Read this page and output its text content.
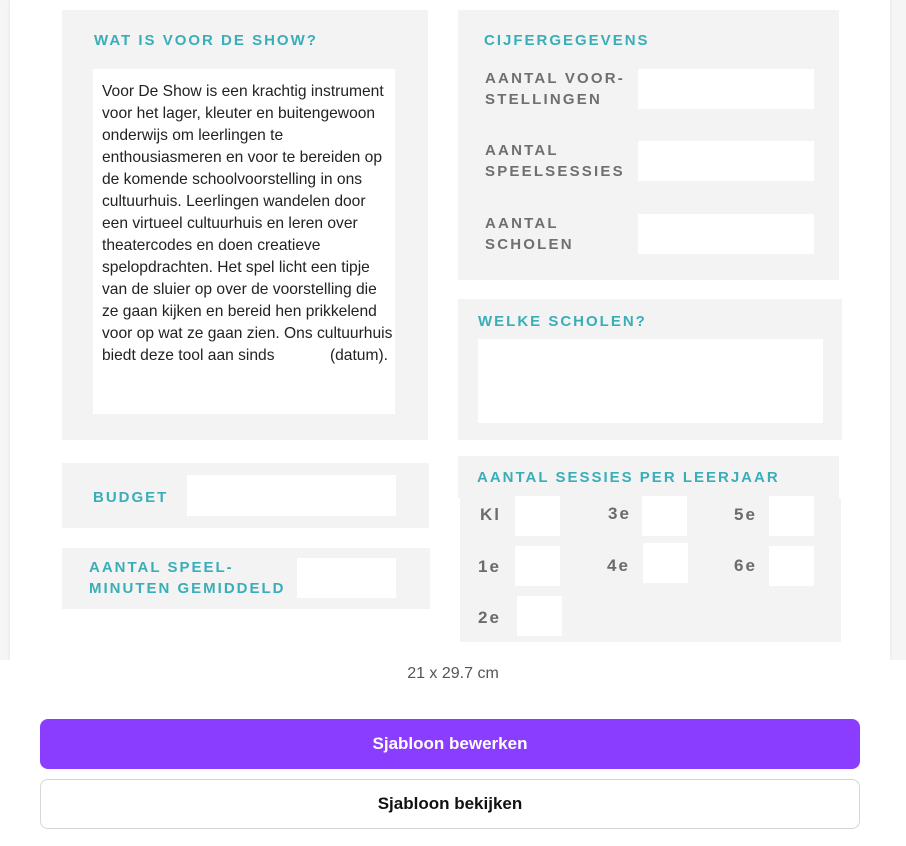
WAT IS VOOR DE SHOW?
Voor De Show is een krachtig instrument voor het lager, kleuter en buitengewoon onderwijs om leerlingen te enthousiasmeren en voor te bereiden op de komende schoolvoorstelling in ons cultuurhuis. Leerlingen wandelen door een virtueel cultuurhuis en leren over theatercodes en doen creatieve spelopdrachten. Het spel licht een tipje van de sluier op over de voorstelling die ze gaan kijken en bereid hen prikkelend voor op wat ze gaan zien. Ons cultuurhuis biedt deze tool aan sinds	(datum).
CIJFERGEGEVENS
AANTAL VOOR-
STELLINGEN
AANTAL
SPEELSESSIES
AANTAL
SCHOLEN
WELKE SCHOLEN?
BUDGET
AANTAL SPEEL-
MINUTEN GEMIDDELD
AANTAL SESSIES PER LEERJAAR
Kl
1e
2e
3e
4e
5e
6e
21 x 29.7 cm
Sjabloon bewerken
Sjabloon bekijken
